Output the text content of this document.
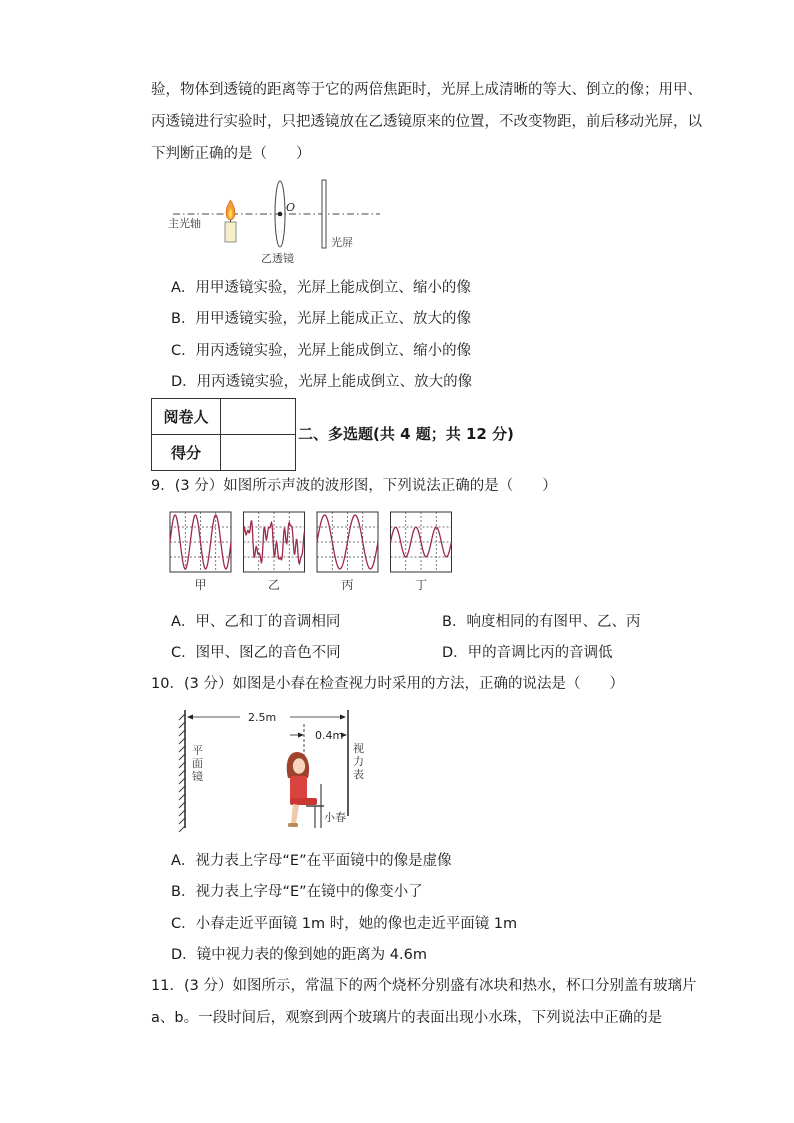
验，物体到透镜的距离等于它的两倍焦距时，光屏上成清晰的等大、倒立的像；用甲、
丙透镜进行实验时，只把透镜放在乙透镜原来的位置，不改变物距，前后移动光屏，以
下判断正确的是（　　）
主光轴
O
乙透镜
光屏
A．用甲透镜实验，光屏上能成倒立、缩小的像
B．用甲透镜实验，光屏上能成正立、放大的像
C．用丙透镜实验，光屏上能成倒立、缩小的像
D．用丙透镜实验，光屏上能成倒立、放大的像
阅卷人	
得分	
二、多选题(共 4 题；共 12 分)
9．(3 分）如图所示声波的波形图，下列说法正确的是（　　）
甲	乙	丙	丁
A．甲、乙和丁的音调相同	B．响度相同的有图甲、乙、丙
C．图甲、图乙的音色不同	D．甲的音调比丙的音调低
10．(3 分）如图是小春在检查视力时采用的方法，正确的说法是（　　）
平
面
镜
视
力
表
2.5m
0.4m
小春
A．视力表上字母“E”在平面镜中的像是虚像
B．视力表上字母“E”在镜中的像变小了
C．小春走近平面镜 1m 时，她的像也走近平面镜 1m
D．镜中视力表的像到她的距离为 4.6m
11．(3 分）如图所示，常温下的两个烧杯分别盛有冰块和热水，杯口分别盖有玻璃片
a、b。一段时间后，观察到两个玻璃片的表面出现小水珠，下列说法中正确的是
